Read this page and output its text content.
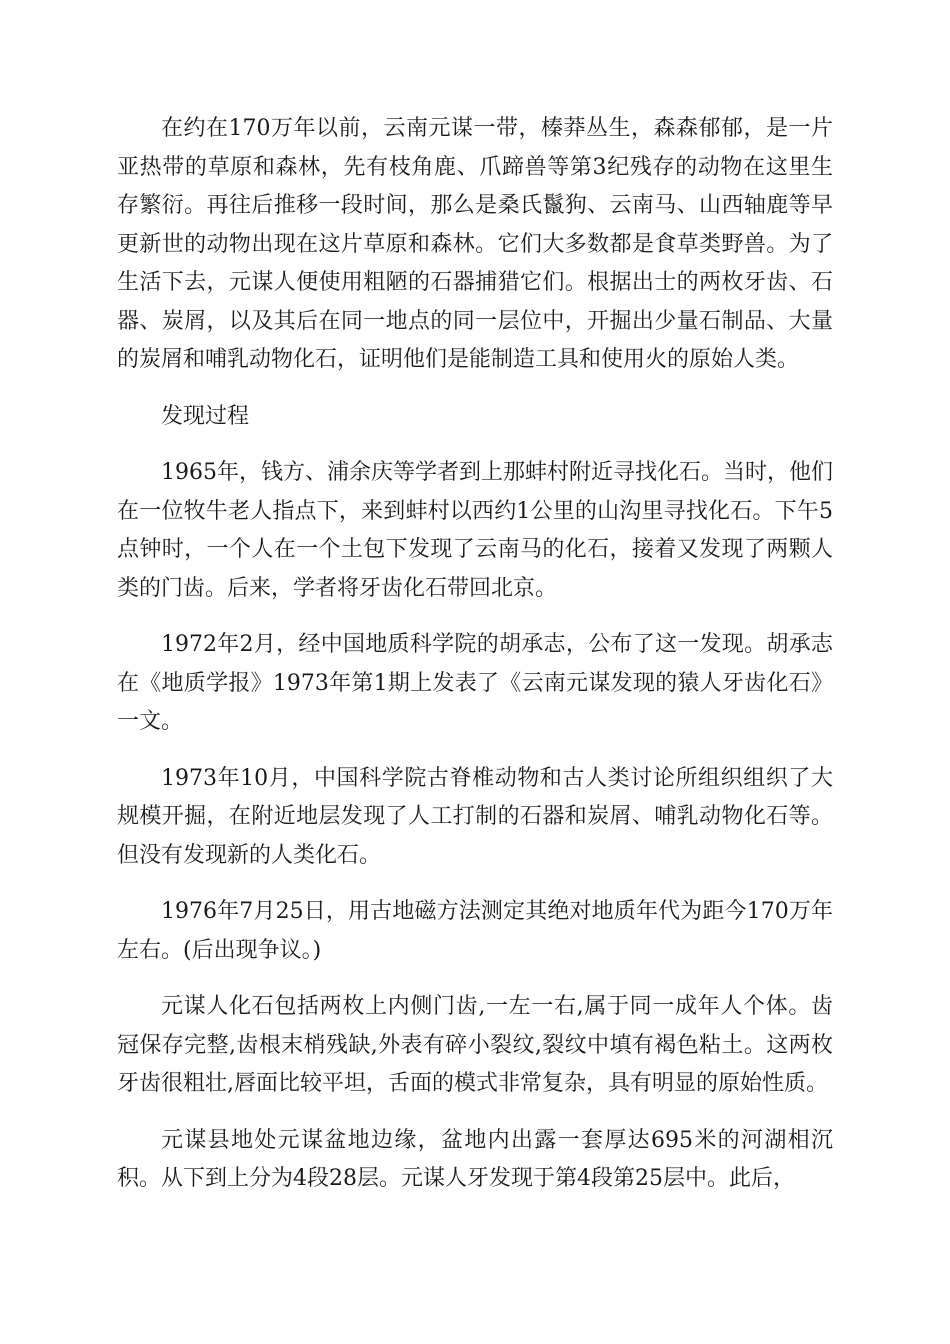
在约在170万年以前，云南元谋一带，榛莽丛生，森森郁郁，是一片亚热带的草原和森林，先有枝角鹿、爪蹄兽等第3纪残存的动物在这里生存繁衍。再往后推移一段时间，那么是桑氏鬣狗、云南马、山西轴鹿等早更新世的动物出现在这片草原和森林。它们大多数都是食草类野兽。为了生活下去，元谋人便使用粗陋的石器捕猎它们。根据出士的两枚牙齿、石器、炭屑，以及其后在同一地点的同一层位中，开掘出少量石制品、大量的炭屑和哺乳动物化石，证明他们是能制造工具和使用火的原始人类。

发现过程

1965年，钱方、浦余庆等学者到上那蚌村附近寻找化石。当时，他们在一位牧牛老人指点下，来到蚌村以西约1公里的山沟里寻找化石。下午5点钟时，一个人在一个土包下发现了云南马的化石，接着又发现了两颗人类的门齿。后来，学者将牙齿化石带回北京。

1972年2月，经中国地质科学院的胡承志，公布了这一发现。胡承志在《地质学报》1973年第1期上发表了《云南元谋发现的猿人牙齿化石》一文。

1973年10月，中国科学院古脊椎动物和古人类讨论所组织组织了大规模开掘，在附近地层发现了人工打制的石器和炭屑、哺乳动物化石等。但没有发现新的人类化石。

1976年7月25日，用古地磁方法测定其绝对地质年代为距今170万年左右。(后出现争议。)

元谋人化石包括两枚上内侧门齿,一左一右,属于同一成年人个体。齿冠保存完整,齿根末梢残缺,外表有碎小裂纹,裂纹中填有褐色粘土。这两枚牙齿很粗壮,唇面比较平坦，舌面的模式非常复杂，具有明显的原始性质。

元谋县地处元谋盆地边缘，盆地内出露一套厚达695米的河湖相沉积。从下到上分为4段28层。元谋人牙发现于第4段第25层中。此后，
